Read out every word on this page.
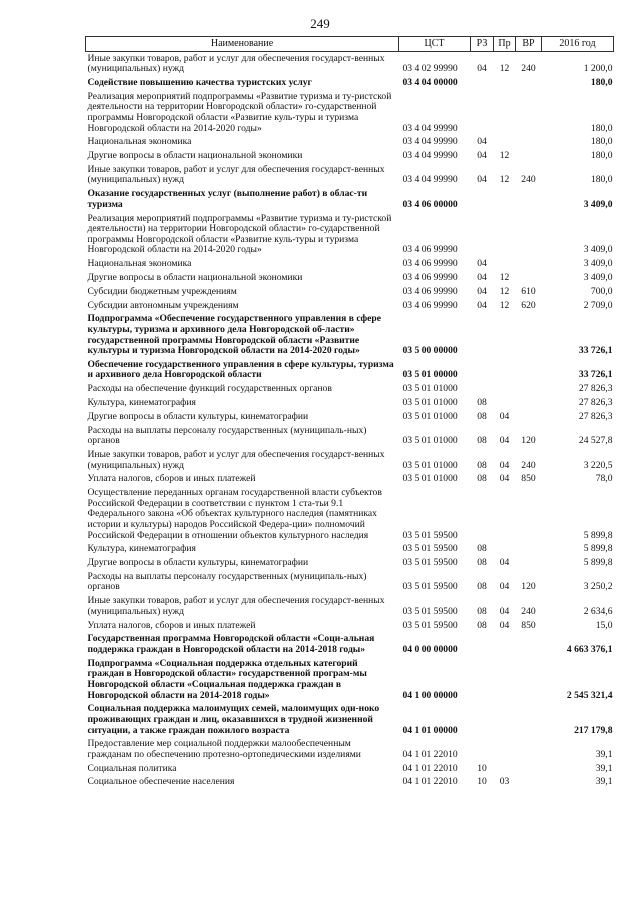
249
Наименование	ЦСТ	РЗ	Пр	ВР	2016 год
Иные закупки товаров, работ и услуг для обеспечения государст-венных (муниципальных) нужд	03 4 02 99990	04	12	240	1 200,0
Содействие повышению качества туристских услуг	03 4 04 00000				180,0
Реализация мероприятий подпрограммы «Развитие туризма и ту-ристской деятельности на территории Новгородской области» го-сударственной программы Новгородской области «Развитие куль-туры и туризма Новгородской области на 2014-2020 годы»	03 4 04 99990				180,0
Национальная экономика	03 4 04 99990	04			180,0
Другие вопросы в области национальной экономики	03 4 04 99990	04	12		180,0
Иные закупки товаров, работ и услуг для обеспечения государст-венных (муниципальных) нужд	03 4 04 99990	04	12	240	180,0
Оказание государственных услуг (выполнение работ) в облас-ти туризма	03 4 06 00000				3 409,0
Реализация мероприятий подпрограммы «Развитие туризма и ту-ристской деятельности) на территории Новгородской области» го-сударственной программы Новгородской области «Развитие куль-туры и туризма Новгородской области на 2014-2020 годы»	03 4 06 99990				3 409,0
Национальная экономика	03 4 06 99990	04			3 409,0
Другие вопросы в области национальной экономики	03 4 06 99990	04	12		3 409,0
Субсидии бюджетным учреждениям	03 4 06 99990	04	12	610	700,0
Субсидии автономным учреждениям	03 4 06 99990	04	12	620	2 709,0
Подпрограмма «Обеспечение государственного управления в сфере культуры, туризма и архивного дела Новгородской об-ласти» государственной программы Новгородской области «Развитие культуры и туризма Новгородской области на 2014-2020 годы»	03 5 00 00000				33 726,1
Обеспечение государственного управления в сфере культуры, туризма и архивного дела Новгородской области	03 5 01 00000				33 726,1
Расходы на обеспечение функций государственных органов	03 5 01 01000				27 826,3
Культура, кинематография	03 5 01 01000	08			27 826,3
Другие вопросы в области культуры, кинематографии	03 5 01 01000	08	04		27 826,3
Расходы на выплаты персоналу государственных (муниципаль-ных) органов	03 5 01 01000	08	04	120	24 527,8
Иные закупки товаров, работ и услуг для обеспечения государст-венных (муниципальных) нужд	03 5 01 01000	08	04	240	3 220,5
Уплата налогов, сборов и иных платежей	03 5 01 01000	08	04	850	78,0
Осуществление переданных органам государственной власти субъектов Российской Федерации в соответствии с пунктом 1 ста-тьи 9.1 Федерального закона «Об объектах культурного наследия (памятниках истории и культуры) народов Российской Федера-ции» полномочий Российской Федерации в отношении объектов культурного наследия	03 5 01 59500				5 899,8
Культура, кинематография	03 5 01 59500	08			5 899,8
Другие вопросы в области культуры, кинематографии	03 5 01 59500	08	04		5 899,8
Расходы на выплаты персоналу государственных (муниципаль-ных) органов	03 5 01 59500	08	04	120	3 250,2
Иные закупки товаров, работ и услуг для обеспечения государст-венных (муниципальных) нужд	03 5 01 59500	08	04	240	2 634,6
Уплата налогов, сборов и иных платежей	03 5 01 59500	08	04	850	15,0
Государственная программа Новгородской области «Соци-альная поддержка граждан в Новгородской области на 2014-2018 годы»	04 0 00 00000				4 663 376,1
Подпрограмма «Социальная поддержка отдельных категорий граждан в Новгородской области» государственной програм-мы Новгородской области «Социальная поддержка граждан в Новгородской области на 2014-2018 годы»	04 1 00 00000				2 545 321,4
Социальная поддержка малоимущих семей, малоимущих оди-ноко проживающих граждан и лиц, оказавшихся в трудной жизненной ситуации, а также граждан пожилого возраста	04 1 01 00000				217 179,8
Предоставление мер социальной поддержки малообеспеченным гражданам по обеспечению протезно-ортопедическими изделиями	04 1 01 22010				39,1
Социальная политика	04 1 01 22010	10			39,1
Социальное обеспечение населения	04 1 01 22010	10	03		39,1
